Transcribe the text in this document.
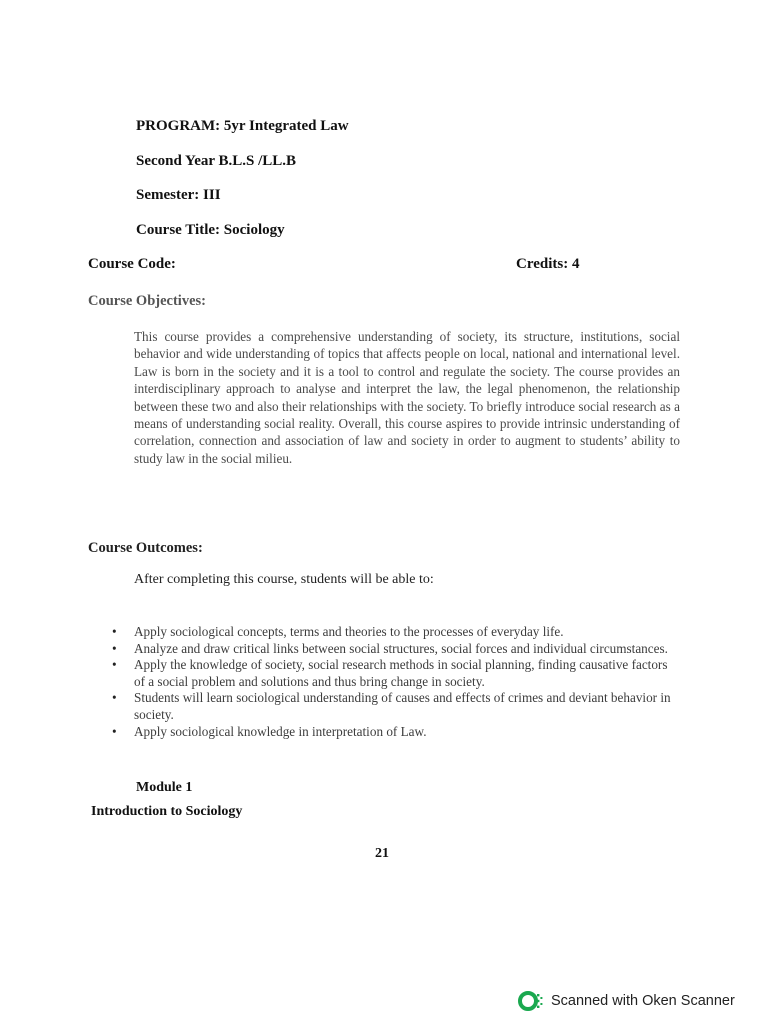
PROGRAM: 5yr Integrated Law
Second Year B.L.S /LL.B
Semester: III
Course Title: Sociology
Course Code:	Credits: 4
Course Objectives:
This course provides a comprehensive understanding of society, its structure, institutions, social behavior and wide understanding of topics that affects people on local, national and international level. Law is born in the society and it is a tool to control and regulate the society. The course provides an interdisciplinary approach to analyse and interpret the law, the legal phenomenon, the relationship between these two and also their relationships with the society. To briefly introduce social research as a means of understanding social reality. Overall, this course aspires to provide intrinsic understanding of correlation, connection and association of law and society in order to augment to students’ ability to study law in the social milieu.
Course Outcomes:
After completing this course, students will be able to:
• Apply sociological concepts, terms and theories to the processes of everyday life.
• Analyze and draw critical links between social structures, social forces and individual circumstances.
• Apply the knowledge of society, social research methods in social planning, finding causative factors of a social problem and solutions and thus bring change in society.
• Students will learn sociological understanding of causes and effects of crimes and deviant behavior in society.
• Apply sociological knowledge in interpretation of Law.
Module 1
Introduction to Sociology
21
Scanned with Oken Scanner
